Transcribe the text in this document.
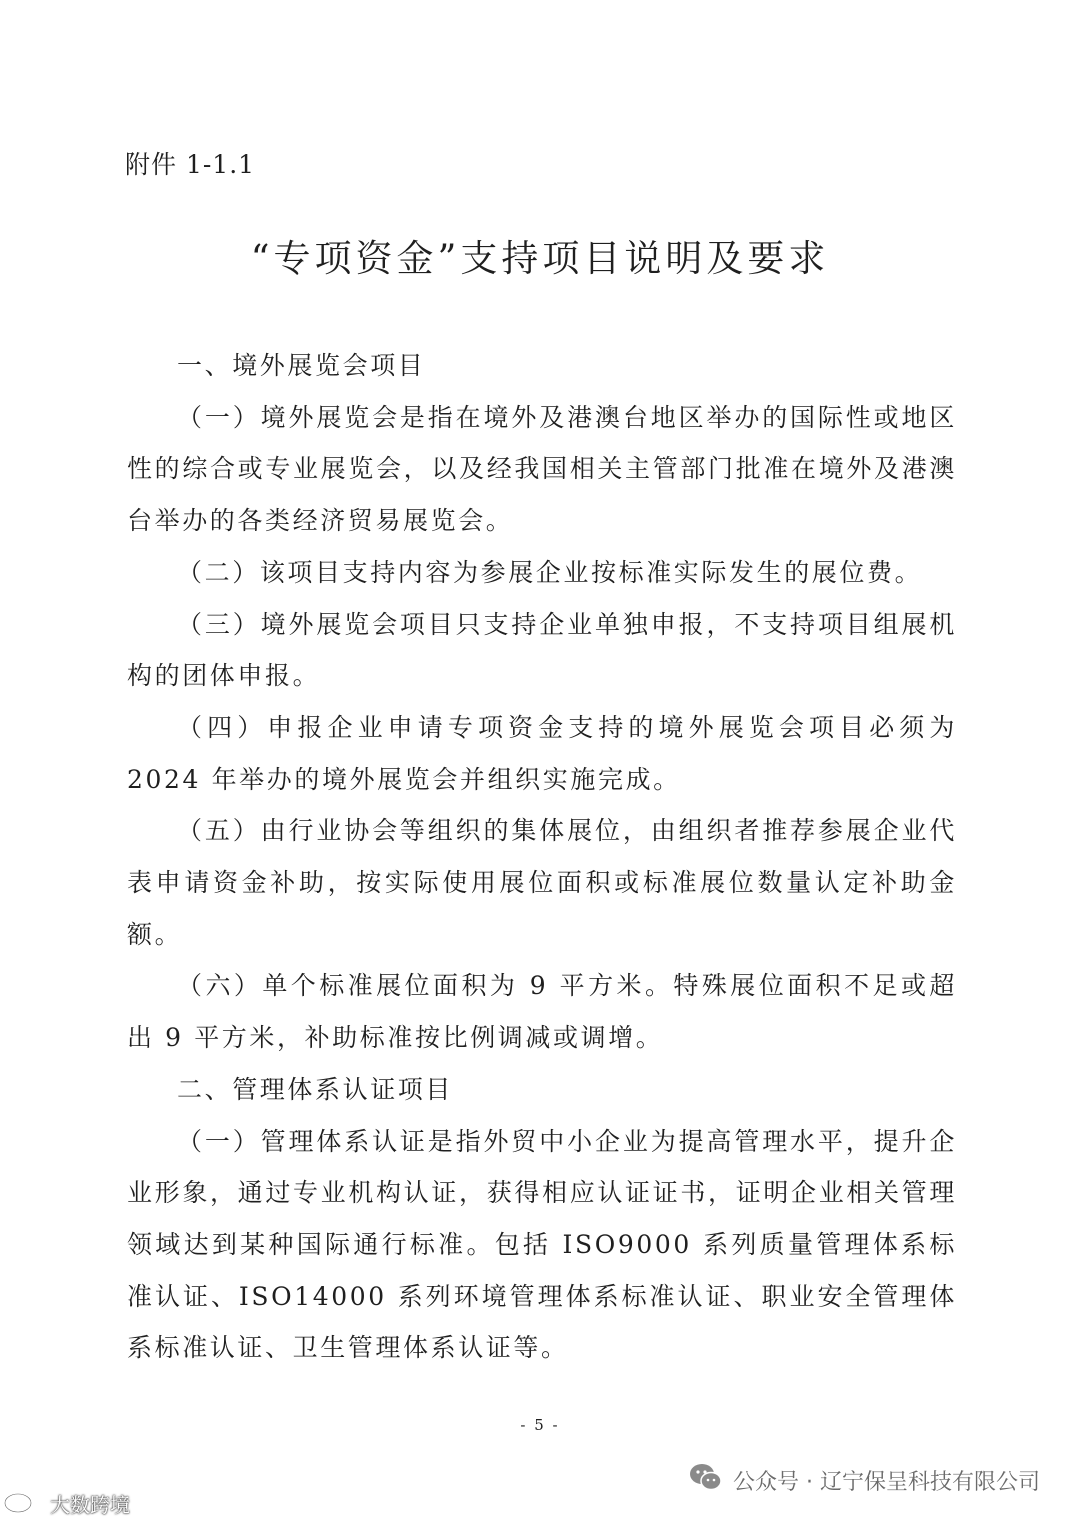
附件 1-1.1
“专项资金”支持项目说明及要求

一、境外展览会项目

（一）境外展览会是指在境外及港澳台地区举办的国际性或地区性的综合或专业展览会，以及经我国相关主管部门批准在境外及港澳台举办的各类经济贸易展览会。

（二）该项目支持内容为参展企业按标准实际发生的展位费。

（三）境外展览会项目只支持企业单独申报，不支持项目组展机构的团体申报。

（四）申报企业申请专项资金支持的境外展览会项目必须为 2024 年举办的境外展览会并组织实施完成。

（五）由行业协会等组织的集体展位，由组织者推荐参展企业代表申请资金补助，按实际使用展位面积或标准展位数量认定补助金额。

（六）单个标准展位面积为 9 平方米。特殊展位面积不足或超出 9 平方米，补助标准按比例调减或调增。

二、管理体系认证项目

（一）管理体系认证是指外贸中小企业为提高管理水平，提升企业形象，通过专业机构认证，获得相应认证证书，证明企业相关管理领域达到某种国际通行标准。包括 ISO9000 系列质量管理体系标准认证、ISO14000 系列环境管理体系标准认证、职业安全管理体系标准认证、卫生管理体系认证等。

- 5 -
公众号 · 辽宁保呈科技有限公司
大数跨境
